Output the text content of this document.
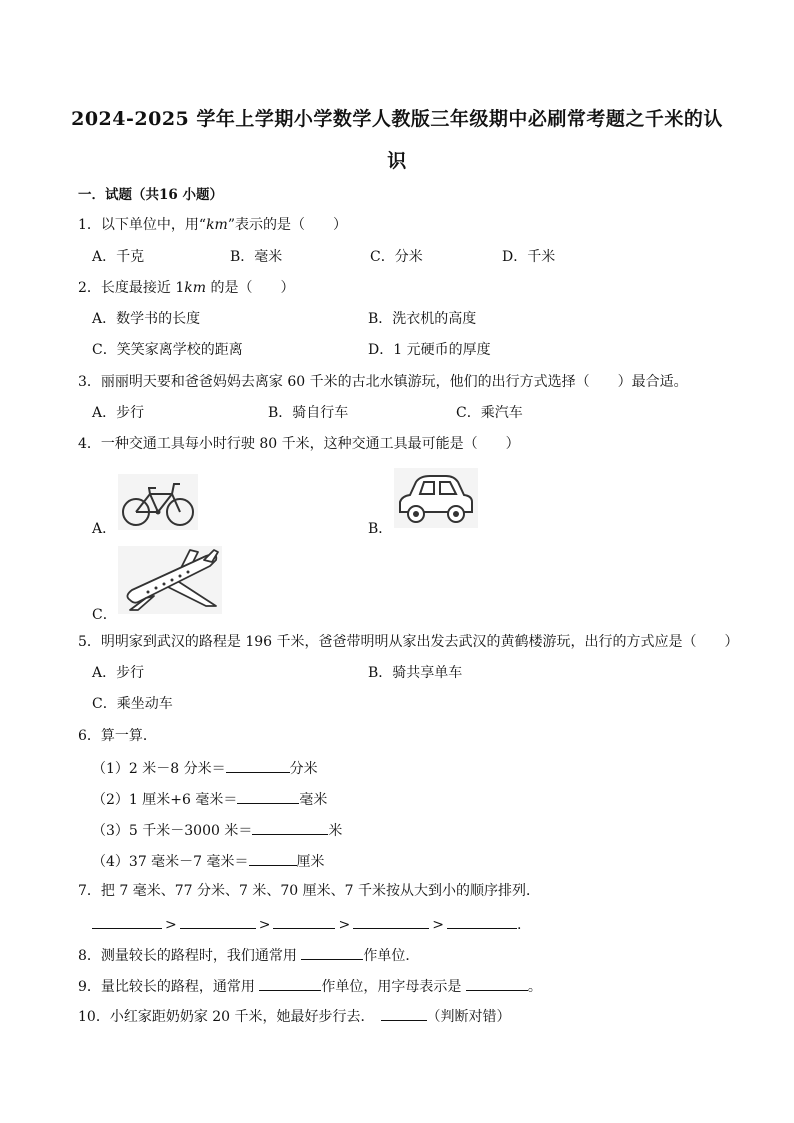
2024-2025 学年上学期小学数学人教版三年级期中必刷常考题之千米的认
识
一．试题（共16 小题）
1．以下单位中，用“km”表示的是（　　）
A．千克	B．毫米	C．分米	D．千米
2．长度最接近 1km 的是（　　）
A．数学书的长度	B．洗衣机的高度
C．笑笑家离学校的距离	D．1 元硬币的厚度
3．丽丽明天要和爸爸妈妈去离家 60 千米的古北水镇游玩，他们的出行方式选择（　　）最合适。
A．步行	B．骑自行车	C．乘汽车
4．一种交通工具每小时行驶 80 千米，这种交通工具最可能是（　　）
A．	B．
C．
5．明明家到武汉的路程是 196 千米，爸爸带明明从家出发去武汉的黄鹤楼游玩，出行的方式应是（　　）
A．步行	B．骑共享单车
C．乘坐动车
6．算一算．
（1）2 米－8 分米＝	分米
（2）1 厘米+6 毫米＝	毫米
（3）5 千米－3000 米＝	米
（4）37 毫米－7 毫米＝	厘米
7．把 7 毫米、77 分米、7 米、70 厘米、7 千米按从大到小的顺序排列．
>	>	>	>	.
8．测量较长的路程时，我们通常用	作单位．
9．量比较长的路程，通常用	作单位，用字母表示是	。
10．小红家距奶奶家 20 千米，她最好步行去．	（判断对错）
